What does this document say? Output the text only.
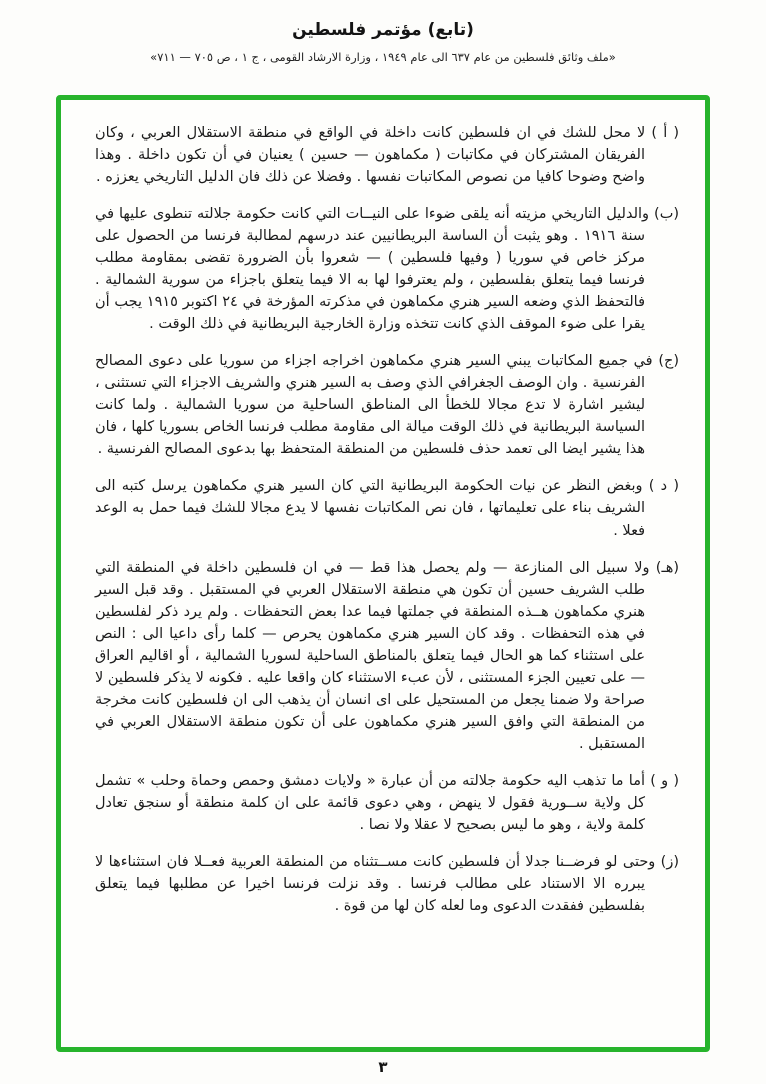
(تابع) مؤتمر فلسطين
«ملف وثائق فلسطين من عام ٦٣٧ الى عام ١٩٤٩ ، وزارة الارشاد القومى ، ج ١ ، ص ٧٠٥ — ٧١١»
( أ ) لا محل للشك في ان فلسطين كانت داخلة في الواقع في منطقة الاستقلال العربي ، وكان الفريقان المشتركان في مكاتبات ( مكماهون — حسين ) يعنيان في أن تكون داخلة . وهذا واضح وضوحا كافيا من نصوص المكاتبات نفسها . وفضلا عن ذلك فان الدليل التاريخي يعززه .
(ب) والدليل التاريخي مزيته أنه يلقى ضوءا على النيــات التي كانت حكومة جلالته تنطوى عليها في سنة ١٩١٦ . وهو يثبت أن الساسة البريطانيين عند درسهم لمطالبة فرنسا من الحصول على مركز خاص في سوريا ( وفيها فلسطين ) — شعروا بأن الضرورة تقضى بمقاومة مطلب فرنسا فيما يتعلق بفلسطين ، ولم يعترفوا لها به الا فيما يتعلق باجزاء من سورية الشمالية . فالتحفظ الذي وضعه السير هنري مكماهون في مذكرته المؤرخة في ٢٤ اكتوبر ١٩١٥ يجب أن يقرا على ضوء الموقف الذي كانت تتخذه وزارة الخارجية البريطانية في ذلك الوقت .
(ج) في جميع المكاتبات يبني السير هنري مكماهون اخراجه اجزاء من سوريا على دعوى المصالح الفرنسية . وان الوصف الجغرافي الذي وصف به السير هنري والشريف الاجزاء التي تستثنى ، ليشير اشارة لا تدع مجالا للخطأ الى المناطق الساحلية من سوريا الشمالية . ولما كانت السياسة البريطانية في ذلك الوقت ميالة الى مقاومة مطلب فرنسا الخاص بسوريا كلها ، فان هذا يشير ايضا الى تعمد حذف فلسطين من المنطقة المتحفظ بها بدعوى المصالح الفرنسية .
( د ) وبغض النظر عن نيات الحكومة البريطانية التي كان السير هنري مكماهون يرسل كتبه الى الشريف بناء على تعليماتها ، فان نص المكاتبات نفسها لا يدع مجالا للشك فيما حمل به الوعد فعلا .
(هـ) ولا سبيل الى المنازعة — ولم يحصل هذا قط — في ان فلسطين داخلة في المنطقة التي طلب الشريف حسين أن تكون هي منطقة الاستقلال العربي في المستقبل . وقد قبل السير هنري مكماهون هــذه المنطقة في جملتها فيما عدا بعض التحفظات . ولم يرد ذكر لفلسطين في هذه التحفظات . وقد كان السير هنري مكماهون يحرص — كلما رأى داعيا الى : النص على استثناء كما هو الحال فيما يتعلق بالمناطق الساحلية لسوريا الشمالية ، أو اقاليم العراق — على تعيين الجزء المستثنى ، لأن عبء الاستثناء كان واقعا عليه . فكونه لا يذكر فلسطين لا صراحة ولا ضمنا يجعل من المستحيل على اى انسان أن يذهب الى ان فلسطين كانت مخرجة من المنطقة التي وافق السير هنري مكماهون على أن تكون منطقة الاستقلال العربي في المستقبل .
( و ) أما ما تذهب اليه حكومة جلالته من أن عبارة « ولايات دمشق وحمص وحماة وحلب » تشمل كل ولاية ســورية فقول لا ينهض ، وهي دعوى قائمة على ان كلمة منطقة أو سنجق تعادل كلمة ولاية ، وهو ما ليس بصحيح لا عقلا ولا نصا .
(ز) وحتى لو فرضــنا جدلا أن فلسطين كانت مســتثناه من المنطقة العربية فعــلا فان استثناءها لا يبرره الا الاستناد على مطالب فرنسا . وقد نزلت فرنسا اخيرا عن مطلبها فيما يتعلق بفلسطين ففقدت الدعوى وما لعله كان لها من قوة .
٣
